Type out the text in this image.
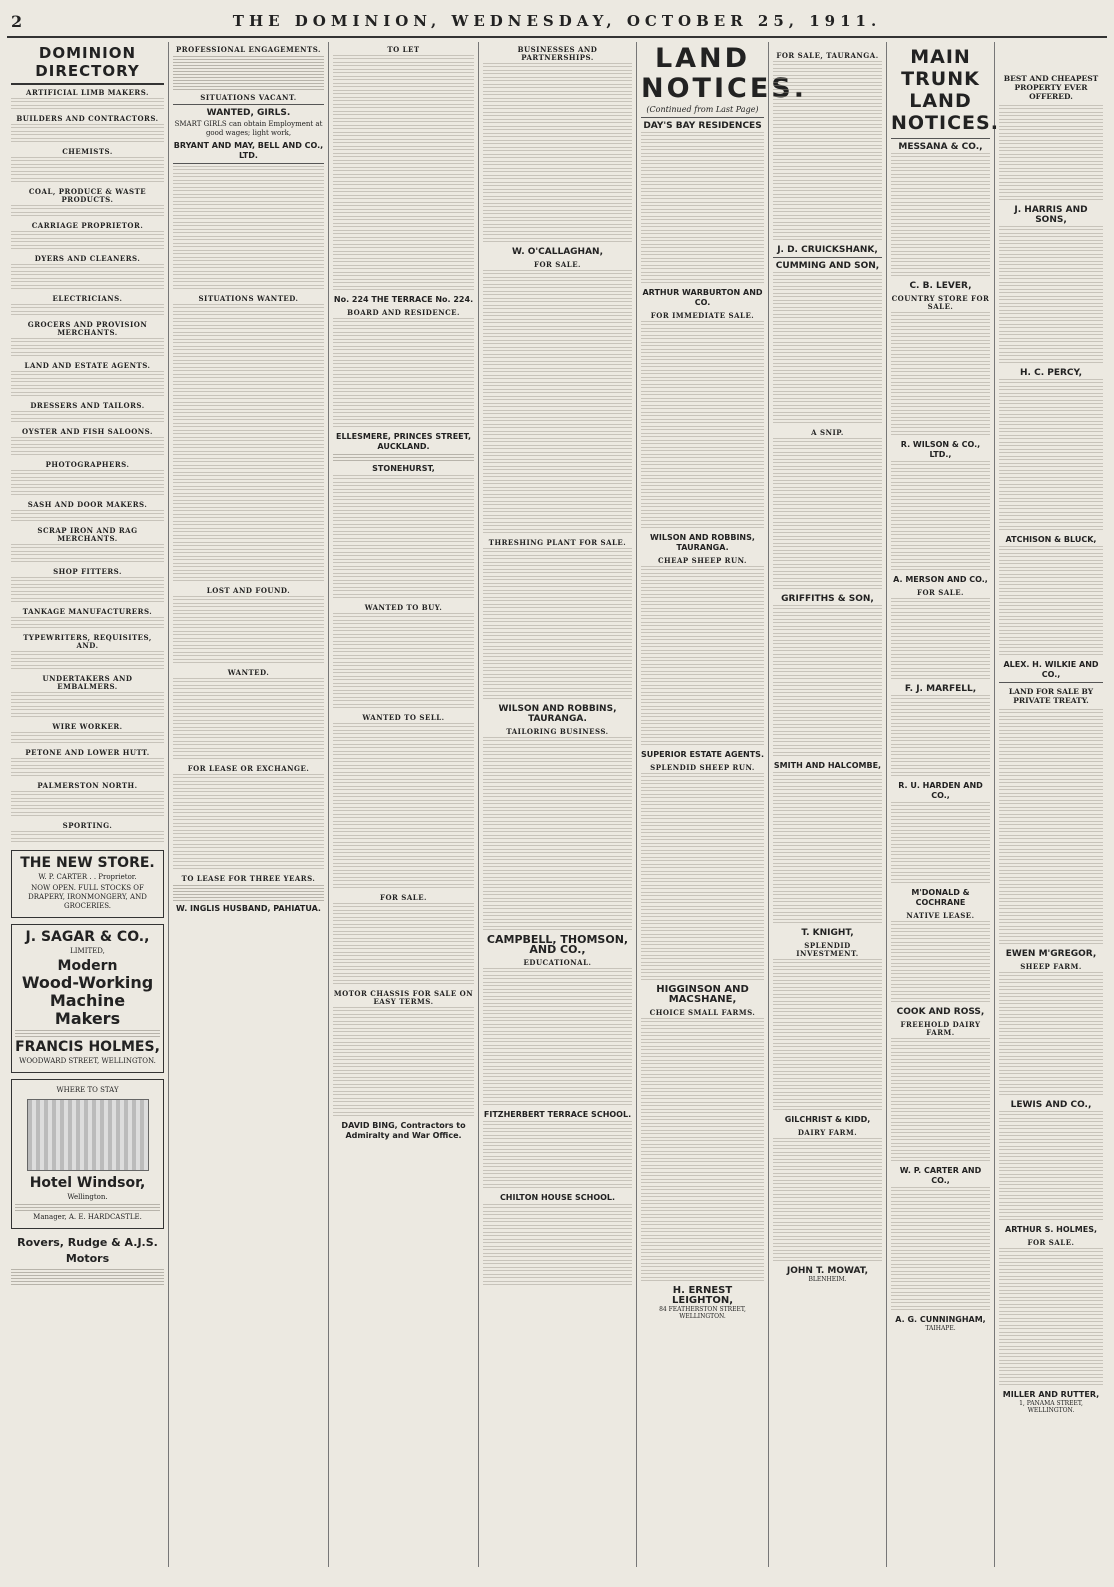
2	THE DOMINION, WEDNESDAY, OCTOBER 25, 1911.
DOMINION DIRECTORY
ARTIFICIAL LIMB MAKERS.
BUILDERS AND CONTRACTORS.
CHEMISTS.
COAL, PRODUCE & WASTE PRODUCTS.
CARRIAGE PROPRIETOR.
DYERS AND CLEANERS.
ELECTRICIANS.
GROCERS AND PROVISION MERCHANTS.
LAND AND ESTATE AGENTS.
DRESSERS AND TAILORS.
OYSTER AND FISH SALOONS.
PHOTOGRAPHERS.
SASH AND DOOR MAKERS.
SCRAP IRON AND RAG MERCHANTS.
SHOP FITTERS.
TANKAGE MANUFACTURERS.
TYPEWRITERS, REQUISITES, AND.
UNDERTAKERS AND EMBALMERS.
WIRE WORKER.
PETONE AND LOWER HUTT.
PALMERSTON NORTH.
SPORTING.
THE NEW STORE.
W. P. CARTER . . Proprietor.
NOW OPEN. FULL STOCKS OF DRAPERY, IRONMONGERY, AND GROCERIES.
J. SAGAR & CO.,
LIMITED,
Modern
Wood-Working Machine Makers
FRANCIS HOLMES,
WOODWARD STREET, WELLINGTON.
WHERE TO STAY
Hotel Windsor,
Wellington.
Manager, A. E. HARDCASTLE.
Rovers, Rudge & A.J.S. Motors
PROFESSIONAL ENGAGEMENTS.
SITUATIONS VACANT.
WANTED, GIRLS.
SMART GIRLS can obtain Employment at good wages; light work,
BRYANT AND MAY, BELL AND CO., LTD.
SITUATIONS WANTED.
LOST AND FOUND.
WANTED.
FOR LEASE OR EXCHANGE.
TO LEASE FOR THREE YEARS.
W. INGLIS HUSBAND, PAHIATUA.
TO LET
No. 224 THE TERRACE No. 224.
BOARD AND RESIDENCE.
ELLESMERE, PRINCES STREET, AUCKLAND.
STONEHURST,
WANTED TO BUY.
WANTED TO SELL.
FOR SALE.
MOTOR CHASSIS FOR SALE ON EASY TERMS.
DAVID BING, Contractors to Admiralty and War Office.
BUSINESSES AND PARTNERSHIPS.
W. O'CALLAGHAN,
FOR SALE.
THRESHING PLANT FOR SALE.
WILSON AND ROBBINS, TAURANGA.
TAILORING BUSINESS.
CAMPBELL, THOMSON, AND CO.,
EDUCATIONAL.
FITZHERBERT TERRACE SCHOOL.
CHILTON HOUSE SCHOOL.
LAND NOTICES.
(Continued from Last Page)
DAY'S BAY RESIDENCES
ARTHUR WARBURTON AND CO.
FOR IMMEDIATE SALE.
WILSON AND ROBBINS, TAURANGA.
CHEAP SHEEP RUN.
SUPERIOR ESTATE AGENTS.
SPLENDID SHEEP RUN.
HIGGINSON AND MACSHANE,
CHOICE SMALL FARMS.
H. ERNEST LEIGHTON,
84 FEATHERSTON STREET, WELLINGTON.
FOR SALE, TAURANGA.
J. D. CRUICKSHANK,
CUMMING AND SON,
A SNIP.
GRIFFITHS & SON,
SMITH AND HALCOMBE,
T. KNIGHT,
SPLENDID INVESTMENT.
GILCHRIST & KIDD,
DAIRY FARM.
JOHN T. MOWAT,
BLENHEIM.
MAIN TRUNK LAND NOTICES.
MESSANA & CO.,
C. B. LEVER,
COUNTRY STORE FOR SALE.
R. WILSON & CO., LTD.,
A. MERSON AND CO.,
FOR SALE.
F. J. MARFELL,
R. U. HARDEN AND CO.,
M'DONALD & COCHRANE
NATIVE LEASE.
COOK AND ROSS,
FREEHOLD DAIRY FARM.
W. P. CARTER AND CO.,
A. G. CUNNINGHAM,
TAIHAPE.
BEST AND CHEAPEST PROPERTY EVER OFFERED.
J. HARRIS AND SONS,
H. C. PERCY,
ATCHISON & BLUCK,
ALEX. H. WILKIE AND CO.,
LAND FOR SALE BY PRIVATE TREATY.
EWEN M'GREGOR,
SHEEP FARM.
LEWIS AND CO.,
ARTHUR S. HOLMES,
FOR SALE.
MILLER AND RUTTER,
1, PANAMA STREET, WELLINGTON.
